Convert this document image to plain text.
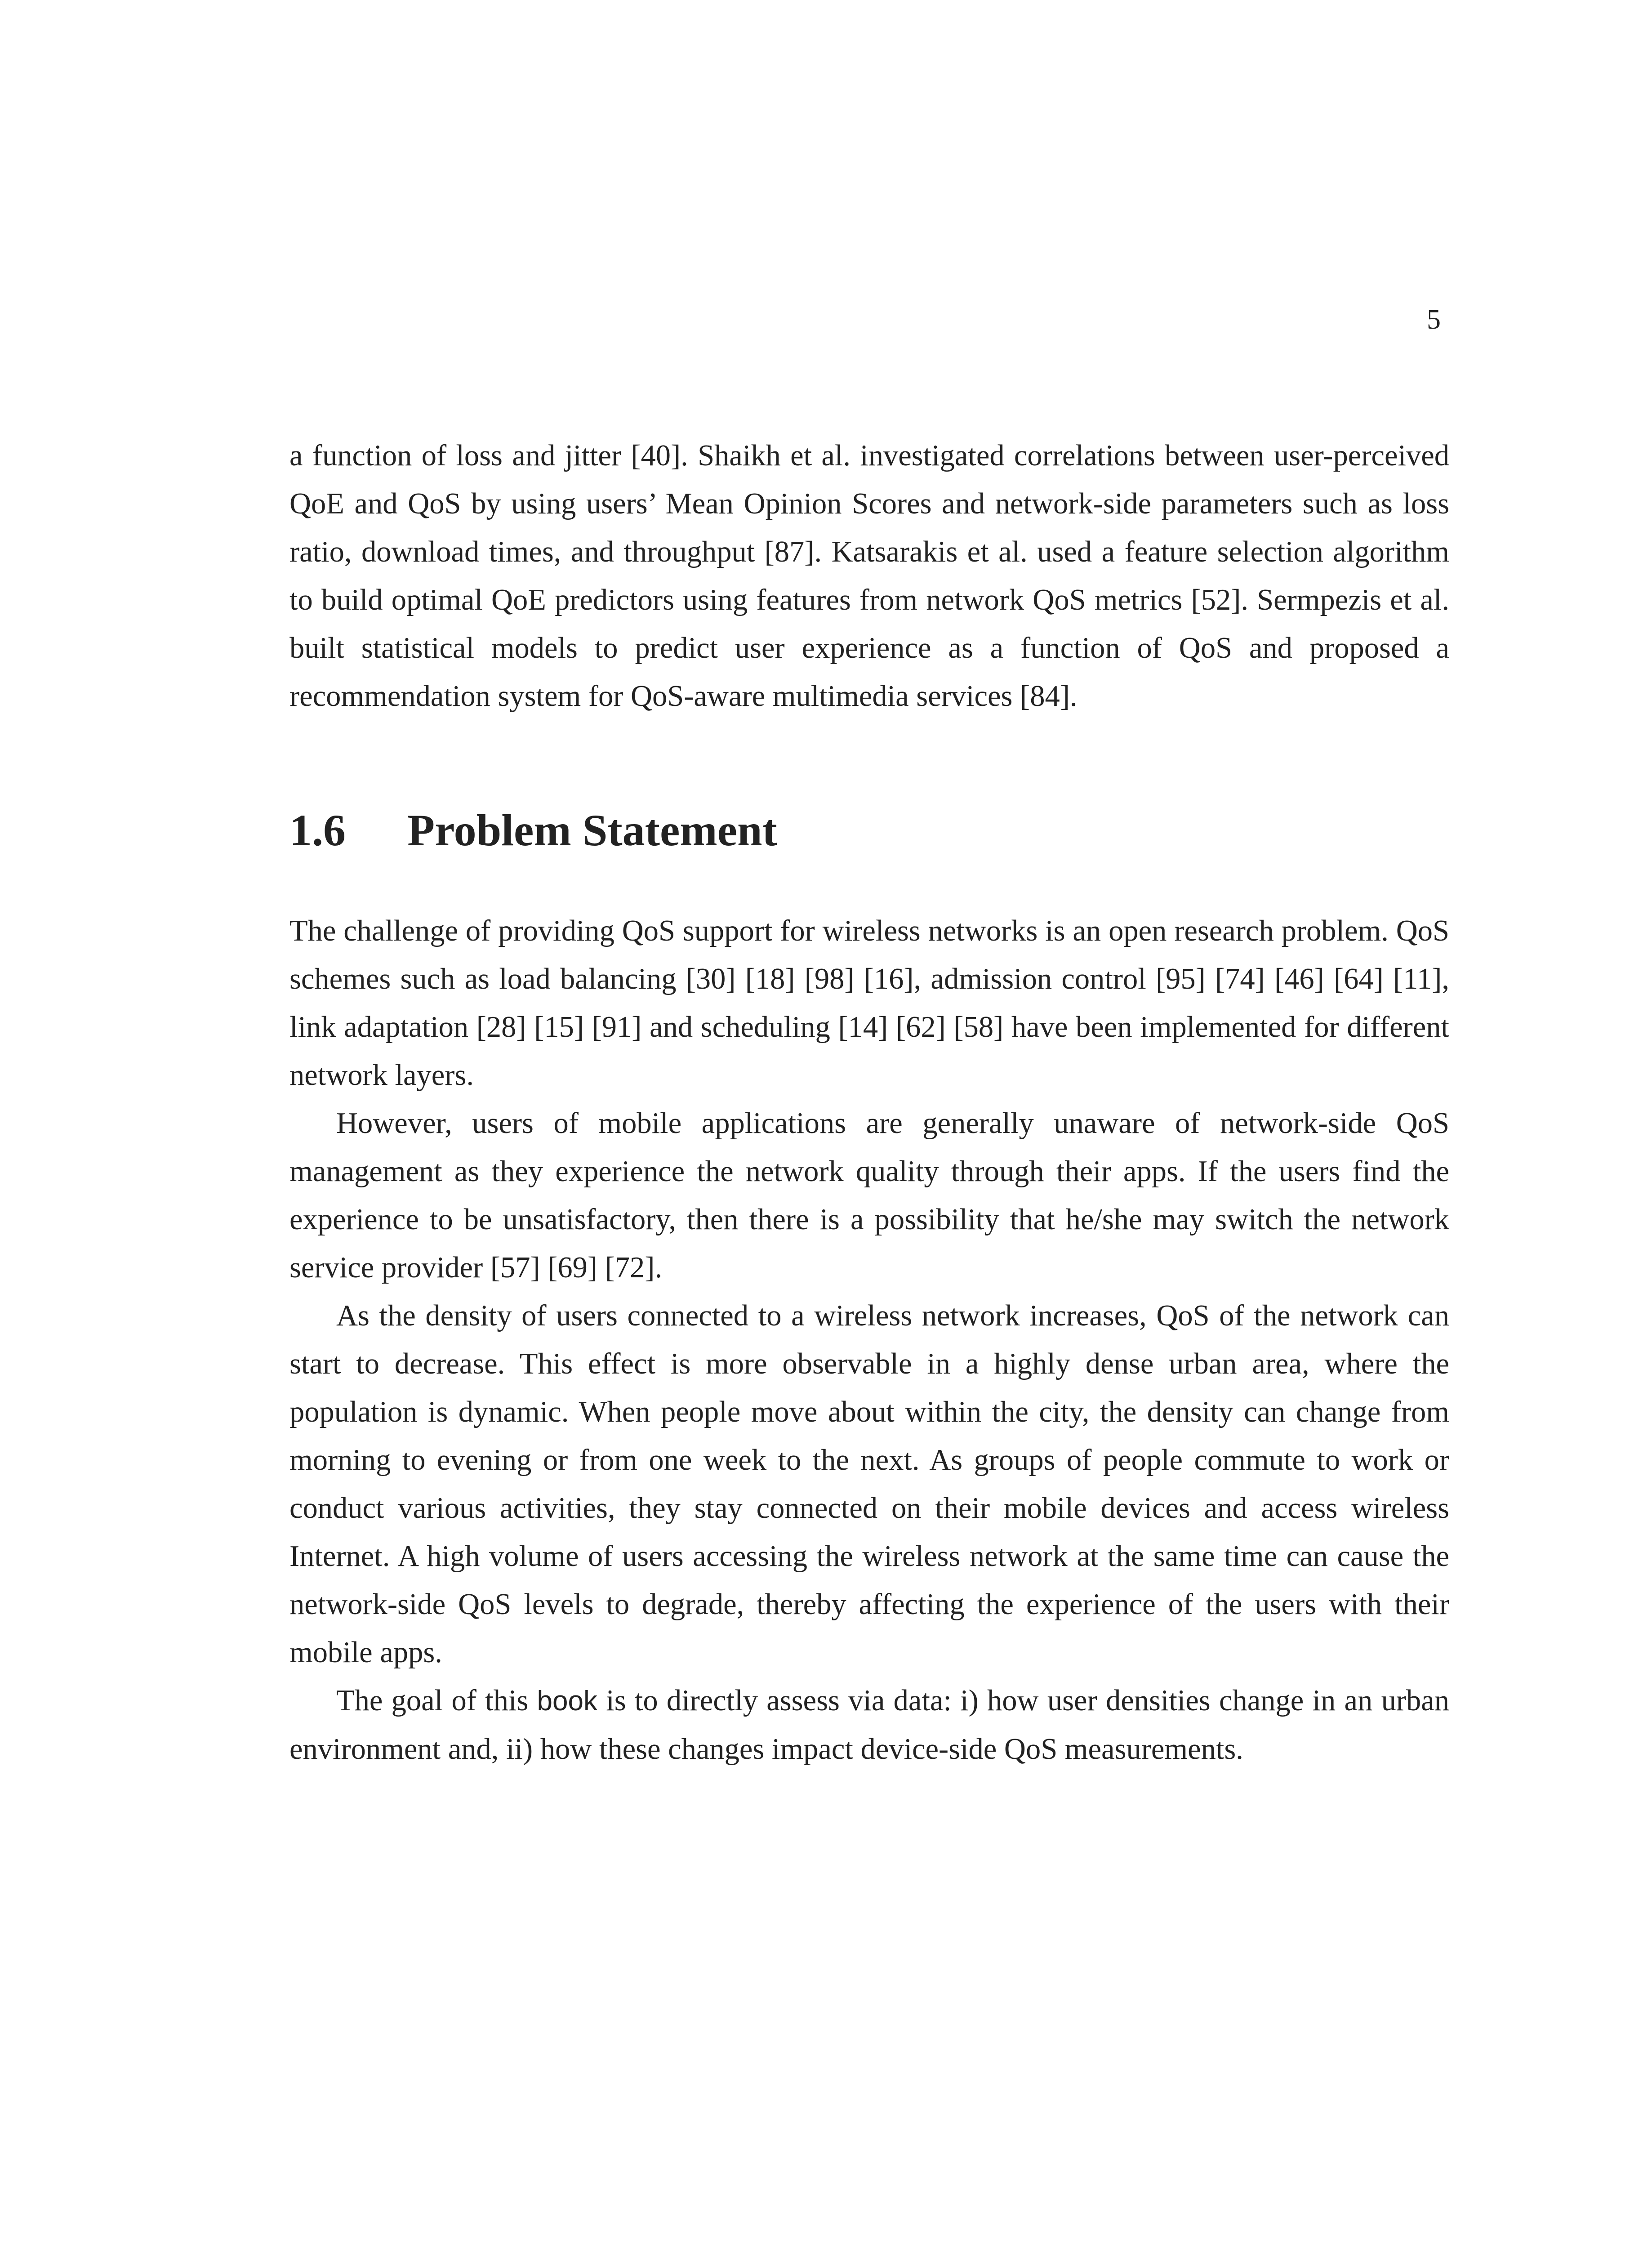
5

a function of loss and jitter [40]. Shaikh et al. investigated correlations between user-perceived QoE and QoS by using users’ Mean Opinion Scores and network-side parameters such as loss ratio, download times, and throughput [87]. Katsarakis et al. used a feature selection algorithm to build optimal QoE predictors using features from network QoS metrics [52]. Sermpezis et al. built statistical models to predict user experience as a function of QoS and proposed a recommendation system for QoS-aware multimedia services [84].

1.6	Problem Statement

The challenge of providing QoS support for wireless networks is an open research problem. QoS schemes such as load balancing [30] [18] [98] [16], admission control [95] [74] [46] [64] [11], link adaptation [28] [15] [91] and scheduling [14] [62] [58] have been implemented for different network layers.

However, users of mobile applications are generally unaware of network-side QoS management as they experience the network quality through their apps. If the users find the experience to be unsatisfactory, then there is a possibility that he/she may switch the network service provider [57] [69] [72].

As the density of users connected to a wireless network increases, QoS of the network can start to decrease. This effect is more observable in a highly dense urban area, where the population is dynamic. When people move about within the city, the density can change from morning to evening or from one week to the next. As groups of people commute to work or conduct various activities, they stay connected on their mobile devices and access wireless Internet. A high volume of users accessing the wireless network at the same time can cause the network-side QoS levels to degrade, thereby affecting the experience of the users with their mobile apps.

The goal of this book is to directly assess via data: i) how user densities change in an urban environment and, ii) how these changes impact device-side QoS measurements.
